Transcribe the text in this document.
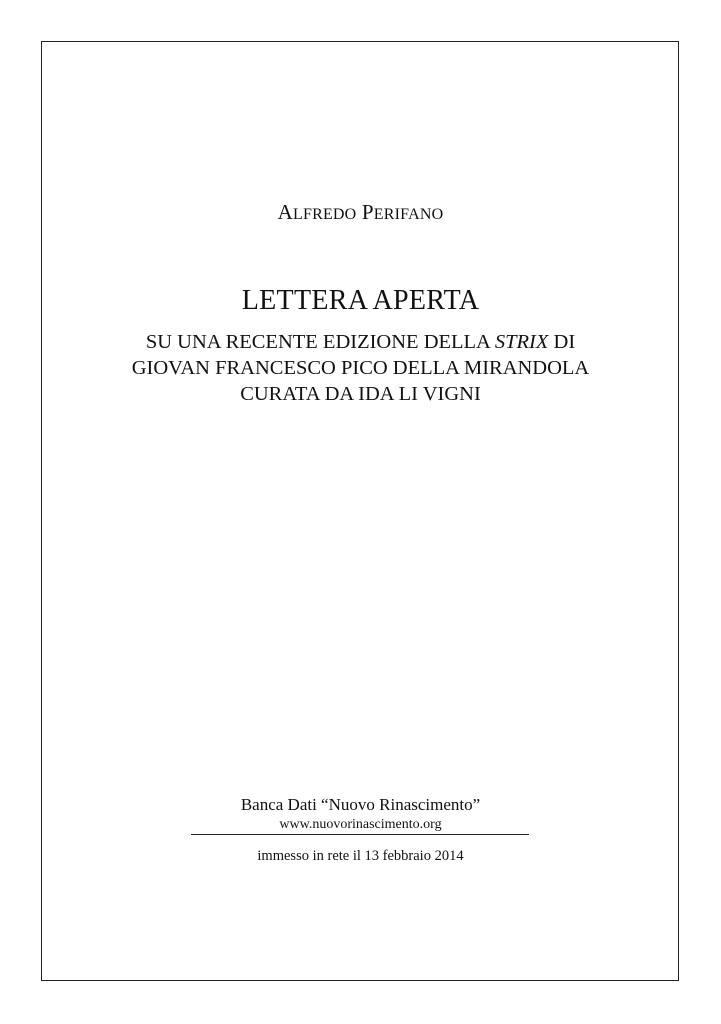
ALFREDO PERIFANO
LETTERA APERTA
SU UNA RECENTE EDIZIONE DELLA STRIX DI
GIOVAN FRANCESCO PICO DELLA MIRANDOLA
CURATA DA IDA LI VIGNI
Banca Dati “Nuovo Rinascimento”
www.nuovorinascimento.org
immesso in rete il 13 febbraio 2014
